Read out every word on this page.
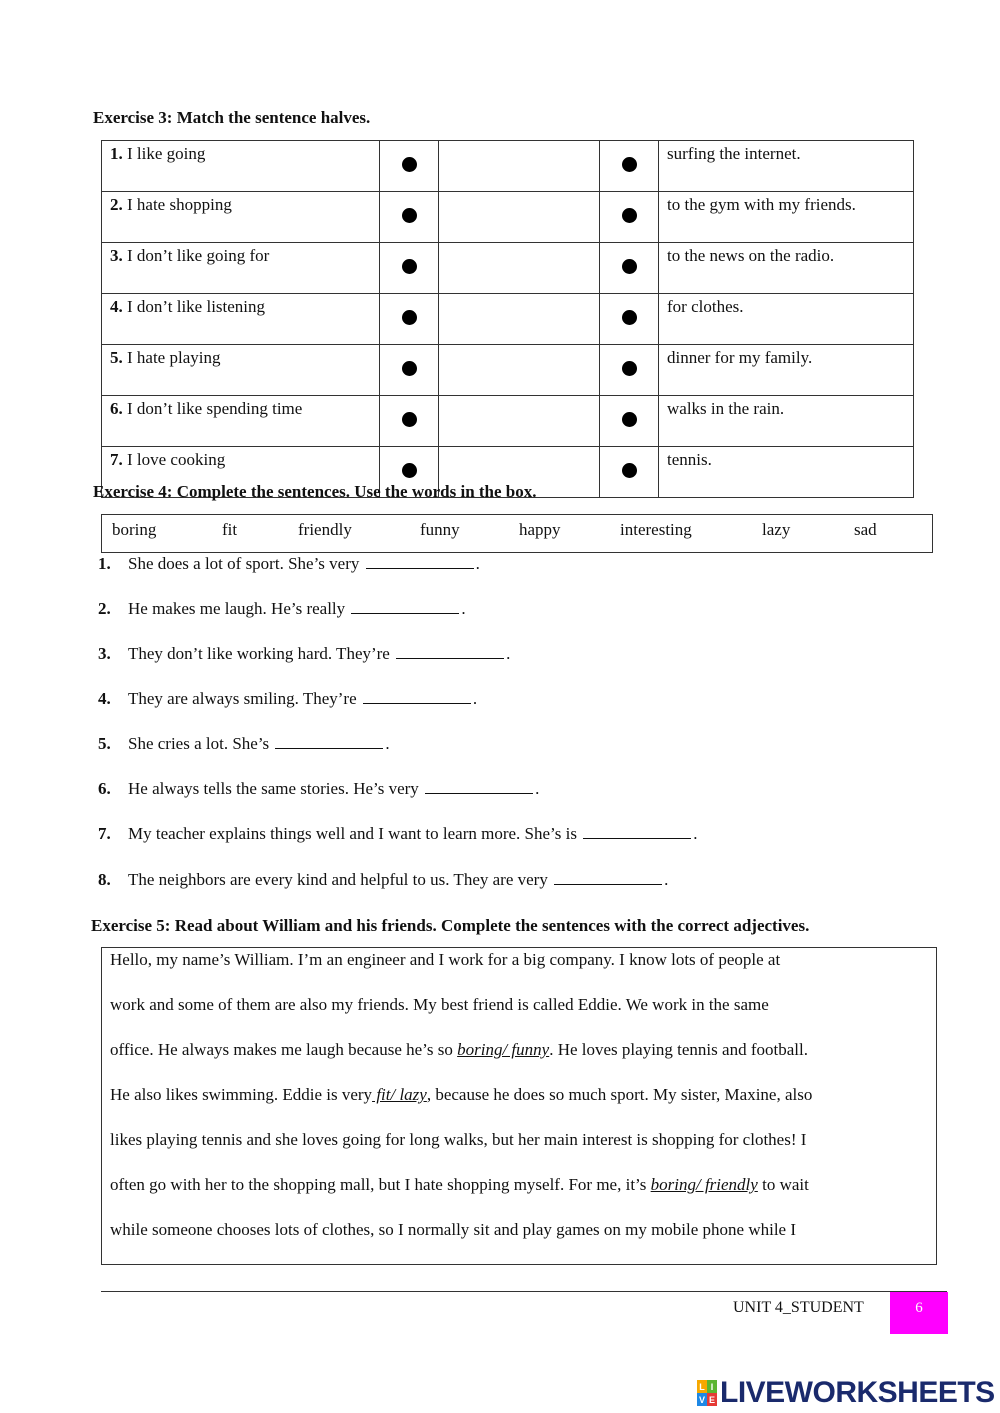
Exercise 3: Match the sentence halves.
1. I like going				surfing the internet.
2. I hate shopping				to the gym with my friends.
3. I don’t like going for				to the news on the radio.
4. I don’t like listening				for clothes.
5. I hate playing				dinner for my family.
6. I don’t like spending time				walks in the rain.
7. I love cooking				tennis.
Exercise 4: Complete the sentences. Use the words in the box.
boring	fit	friendly	funny	happy	interesting	lazy	sad
1. She does a lot of sport. She’s very	.
2. He makes me laugh. He’s really	.
3. They don’t like working hard. They’re	.
4. They are always smiling. They’re	.
5. She cries a lot. She’s	.
6. He always tells the same stories. He’s very	.
7. My teacher explains things well and I want to learn more. She’s is	.
8. The neighbors are every kind and helpful to us. They are very	.
Exercise 5: Read about William and his friends. Complete the sentences with the correct adjectives.
Hello, my name’s William. I’m an engineer and I work for a big company. I know lots of people at
work and some of them are also my friends. My best friend is called Eddie. We work in the same
office. He always makes me laugh because he’s so boring/ funny. He loves playing tennis and football.
He also likes swimming. Eddie is very fit/ lazy, because he does so much sport. My sister, Maxine, also
likes playing tennis and she loves going for long walks, but her main interest is shopping for clothes! I
often go with her to the shopping mall, but I hate shopping myself. For me, it’s boring/ friendly to wait
while someone chooses lots of clothes, so I normally sit and play games on my mobile phone while I
UNIT 4_STUDENT	6
L I
V E LIVEWORKSHEETS
